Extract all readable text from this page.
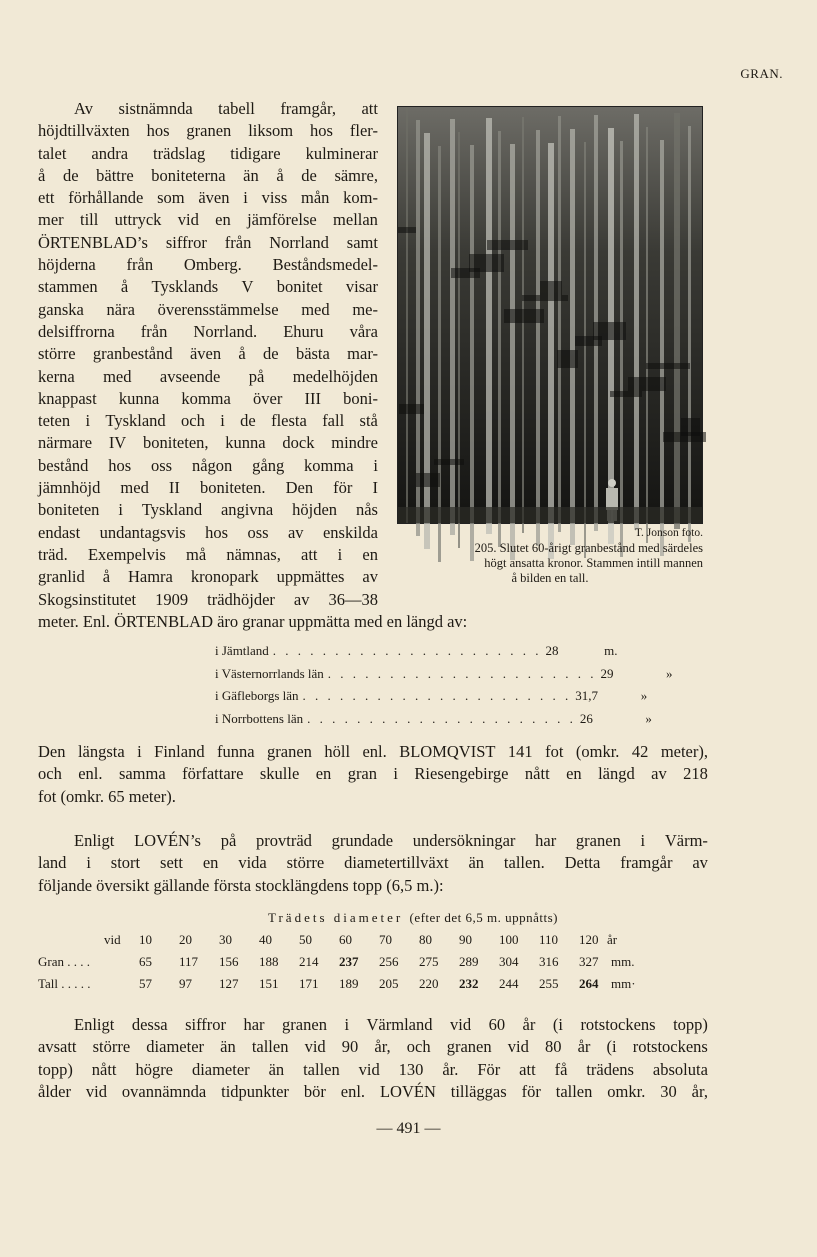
GRAN.
Av sistnämnda tabell framgår, att
höjdtillväxten hos granen liksom hos fler-
talet andra trädslag tidigare kulminerar
å de bättre boniteterna än å de sämre,
ett förhållande som även i viss mån kom-
mer till uttryck vid en jämförelse mellan
ÖRTENBLAD’s siffror från Norrland samt
höjderna från Omberg. Beståndsmedel-
stammen å Tysklands V bonitet visar
ganska nära överensstämmelse med me-
delsiffrorna från Norrland. Ehuru våra
större granbestånd även å de bästa mar-
kerna med avseende på medelhöjden
knappast kunna komma över III boni-
teten i Tyskland och i de flesta fall stå
närmare IV boniteten, kunna dock mindre
bestånd hos oss någon gång komma i
jämnhöjd med II boniteten. Den för I
boniteten i Tyskland angivna höjden nås
endast undantagsvis hos oss av enskilda
träd. Exempelvis må nämnas, att i en
granlid å Hamra kronopark uppmättes av
Skogsinstitutet 1909 trädhöjder av 36—38
T. Jonson foto.
205. Slutet 60-årigt granbestånd med särdeles
högt ansatta kronor. Stammen intill mannen
å bilden en tall.
meter. Enl. ÖRTENBLAD äro granar uppmätta med en längd av:
i Jämtland . . . . . . . . . . . . . . . . . . . . . . 28	m.
i Västernorrlands län . . . . . . . . . . . . . . . . . . . . . . 29	»
i Gäfleborgs län . . . . . . . . . . . . . . . . . . . . . . 31,7	»
i Norrbottens län . . . . . . . . . . . . . . . . . . . . . . 26	»
Den längsta i Finland funna granen höll enl. BLOMQVIST 141 fot (omkr. 42 meter),
och enl. samma författare skulle en gran i Riesengebirge nått en längd av 218
fot (omkr. 65 meter).
Enligt LOVÉN’s på provträd grundade undersökningar har granen i Värm-
land i stort sett en vida större diametertillväxt än tallen. Detta framgår av
följande översikt gällande första stocklängdens topp (6,5 m.):
Trädets diameter (efter det 6,5 m. uppnåtts)
vid 10 20 30 40 50 60 70 80 90 100 110 120 år
Gran . . . .	65 117 156 188 214 237 256 275 289 304 316 327 mm.
Tall . . . . .	57 97 127 151 171 189 205 220 232 244 255 264 mm·
Enligt dessa siffror har granen i Värmland vid 60 år (i rotstockens topp)
avsatt större diameter än tallen vid 90 år, och granen vid 80 år (i rotstockens
topp) nått högre diameter än tallen vid 130 år. För att få trädens absoluta
ålder vid ovannämnda tidpunkter bör enl. LOVÉN tilläggas för tallen omkr. 30 år,
— 491 —
